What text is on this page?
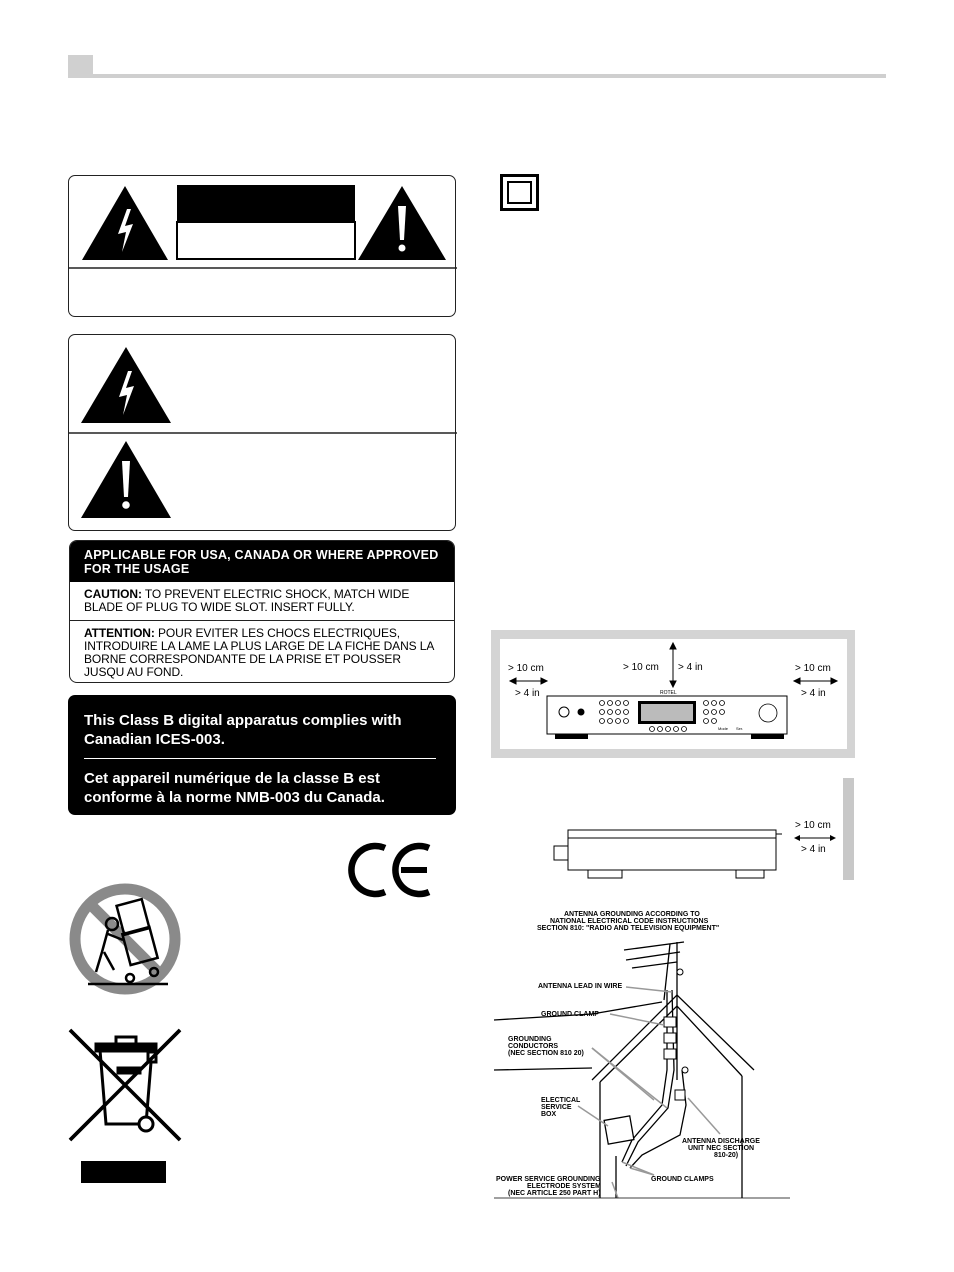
APPLICABLE FOR USA, CANADA OR WHERE APPROVED FOR THE USAGE
CAUTION: TO PREVENT ELECTRIC SHOCK, MATCH WIDE BLADE OF PLUG TO WIDE SLOT. INSERT FULLY.
ATTENTION: POUR EVITER LES CHOCS ELECTRIQUES, INTRODUIRE LA LAME LA PLUS LARGE DE LA FICHE DANS LA BORNE CORRESPONDANTE DE LA PRISE ET POUSSER JUSQU AU FOND.
This Class B digital apparatus complies with Canadian ICES-003.
Cet appareil numérique de la classe B est conforme à la norme NMB-003 du Canada.
> 10 cm
> 4 in
> 10 cm > 4 in	> 10 cm
> 4 in
ROTEL
Mode Ser.
> 10 cm
> 4 in
ANTENNA GROUNDING ACCORDING TO
NATIONAL ELECTRICAL CODE INSTRUCTIONS
SECTION 810: "RADIO AND TELEVISION EQUIPMENT"
ANTENNA LEAD IN WIRE
GROUND CLAMP
GROUNDING
CONDUCTORS
(NEC SECTION 810 20)
ELECTICAL
SERVICE
BOX
ANTENNA DISCHARGE
UNIT NEC SECTION
810-20)
GROUND CLAMPS
POWER SERVICE GROUNDING
ELECTRODE SYSTEM
(NEC ARTICLE 250 PART H)
